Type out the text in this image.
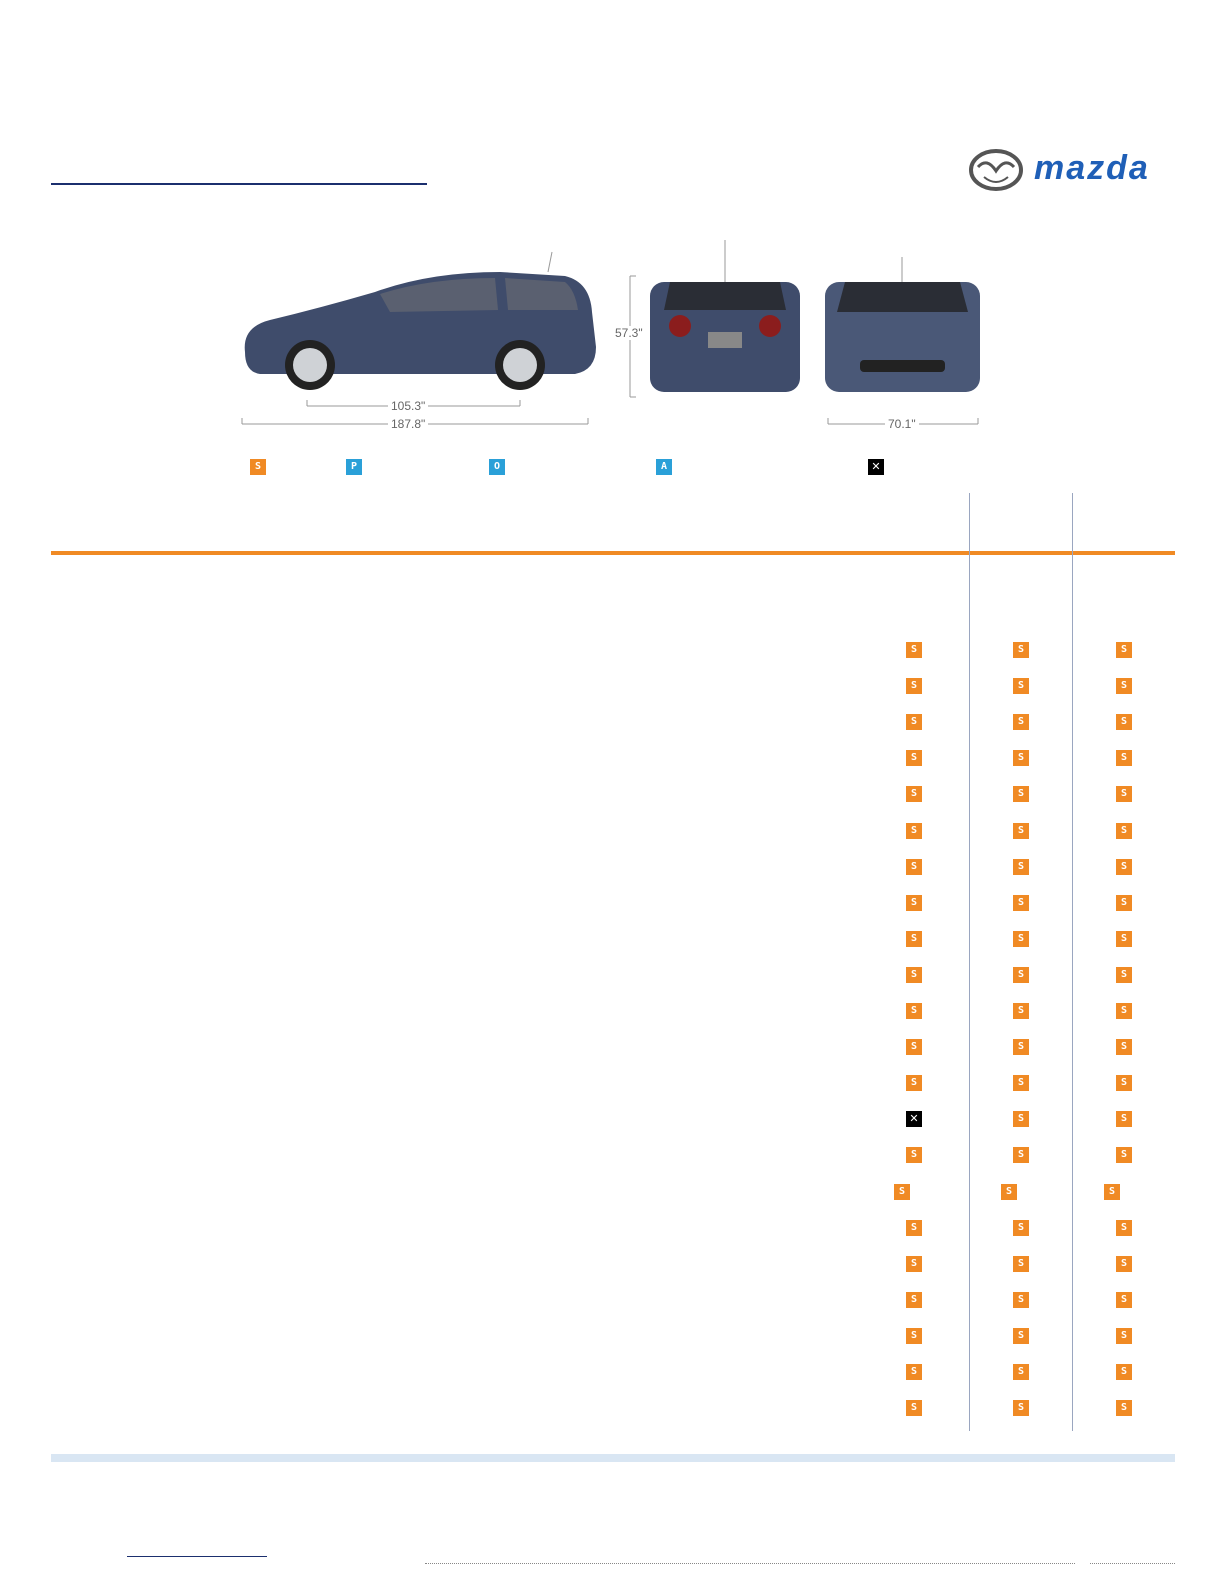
mazda
105.3"
187.8"
57.3"
70.1"
S	P	O	A	✕
S	S	S
S	S	S
S	S	S
S	S	S
S	S	S
S	S	S
S	S	S
S	S	S
S	S	S
S	S	S
S	S	S
S	S	S
S	S	S
✕	S	S
S	S	S
S	S	S
S	S	S
S	S	S
S	S	S
S	S	S
S	S	S
S	S	S
